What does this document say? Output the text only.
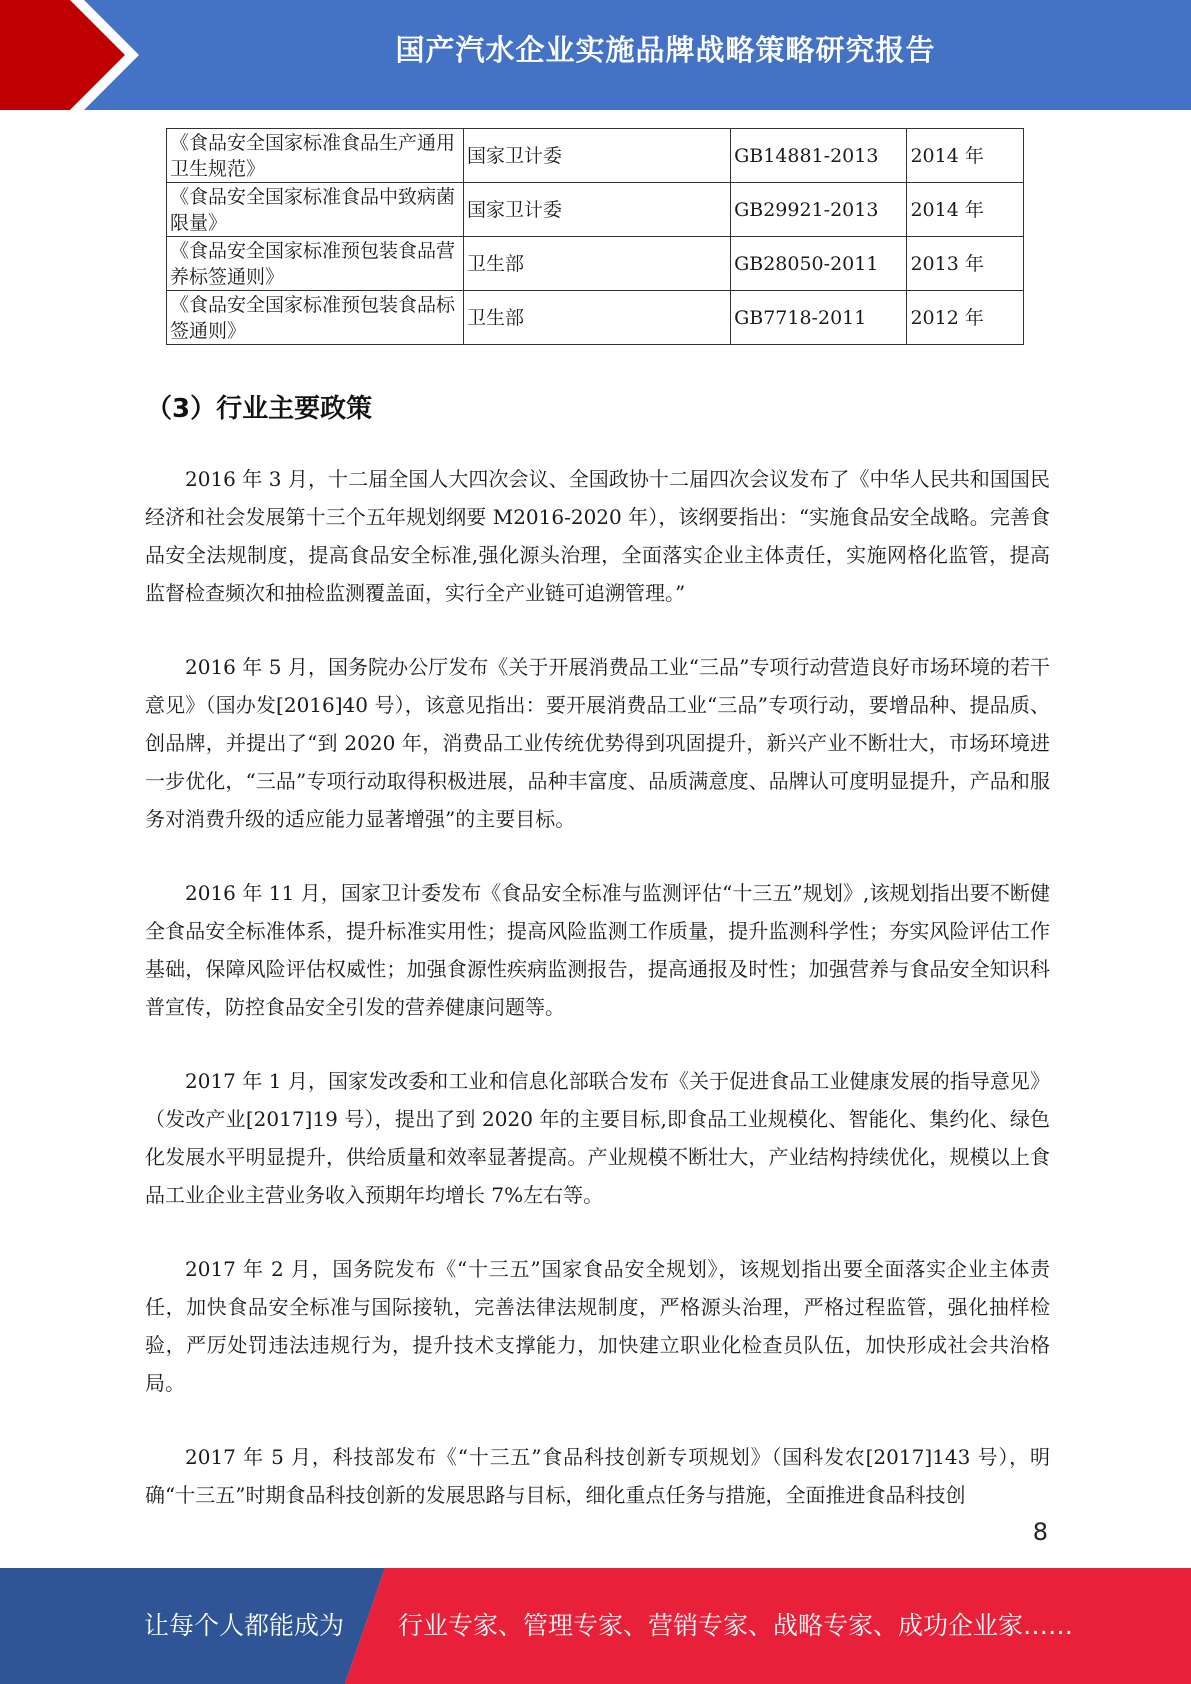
国产汽水企业实施品牌战略策略研究报告
《食品安全国家标准食品生产通用卫生规范》	国家卫计委	GB14881-2013	2014 年
《食品安全国家标准食品中致病菌限量》	国家卫计委	GB29921-2013	2014 年
《食品安全国家标准预包装食品营养标签通则》	卫生部	GB28050-2011	2013 年
《食品安全国家标准预包装食品标签通则》	卫生部	GB7718-2011	2012 年
（3）行业主要政策

2016 年 3 月，十二届全国人大四次会议、全国政协十二届四次会议发布了《中华人民共和国国民经济和社会发展第十三个五年规划纲要 M2016-2020 年），该纲要指出：“实施食品安全战略。完善食品安全法规制度，提高食品安全标准,强化源头治理，全面落实企业主体责任，实施网格化监管，提高监督检查频次和抽检监测覆盖面，实行全产业链可追溯管理。”

2016 年 5 月，国务院办公厅发布《关于开展消费品工业“三品”专项行动营造良好市场环境的若干意见》（国办发[2016]40 号），该意见指出：要开展消费品工业“三品”专项行动，要增品种、提品质、创品牌，并提出了“到 2020 年，消费品工业传统优势得到巩固提升，新兴产业不断壮大，市场环境进一步优化，“三品”专项行动取得积极进展，品种丰富度、品质满意度、品牌认可度明显提升，产品和服务对消费升级的适应能力显著增强”的主要目标。

2016 年 11 月，国家卫计委发布《食品安全标准与监测评估“十三五”规划》,该规划指出要不断健全食品安全标准体系，提升标准实用性；提高风险监测工作质量，提升监测科学性；夯实风险评估工作基础，保障风险评估权威性；加强食源性疾病监测报告，提高通报及时性；加强营养与食品安全知识科普宣传，防控食品安全引发的营养健康问题等。

2017 年 1 月，国家发改委和工业和信息化部联合发布《关于促进食品工业健康发展的指导意见》（发改产业[2017]19 号），提出了到 2020 年的主要目标,即食品工业规模化、智能化、集约化、绿色化发展水平明显提升，供给质量和效率显著提高。产业规模不断壮大，产业结构持续优化，规模以上食品工业企业主营业务收入预期年均增长 7%左右等。

2017 年 2 月，国务院发布《“十三五”国家食品安全规划》，该规划指出要全面落实企业主体责任，加快食品安全标准与国际接轨，完善法律法规制度，严格源头治理，严格过程监管，强化抽样检验，严厉处罚违法违规行为，提升技术支撑能力，加快建立职业化检查员队伍，加快形成社会共治格局。

2017 年 5 月，科技部发布《“十三五”食品科技创新专项规划》（国科发农[2017]143 号），明确“十三五”时期食品科技创新的发展思路与目标，细化重点任务与措施，全面推进食品科技创

8
让每个人都能成为 行业专家、管理专家、营销专家、战略专家、成功企业家……
